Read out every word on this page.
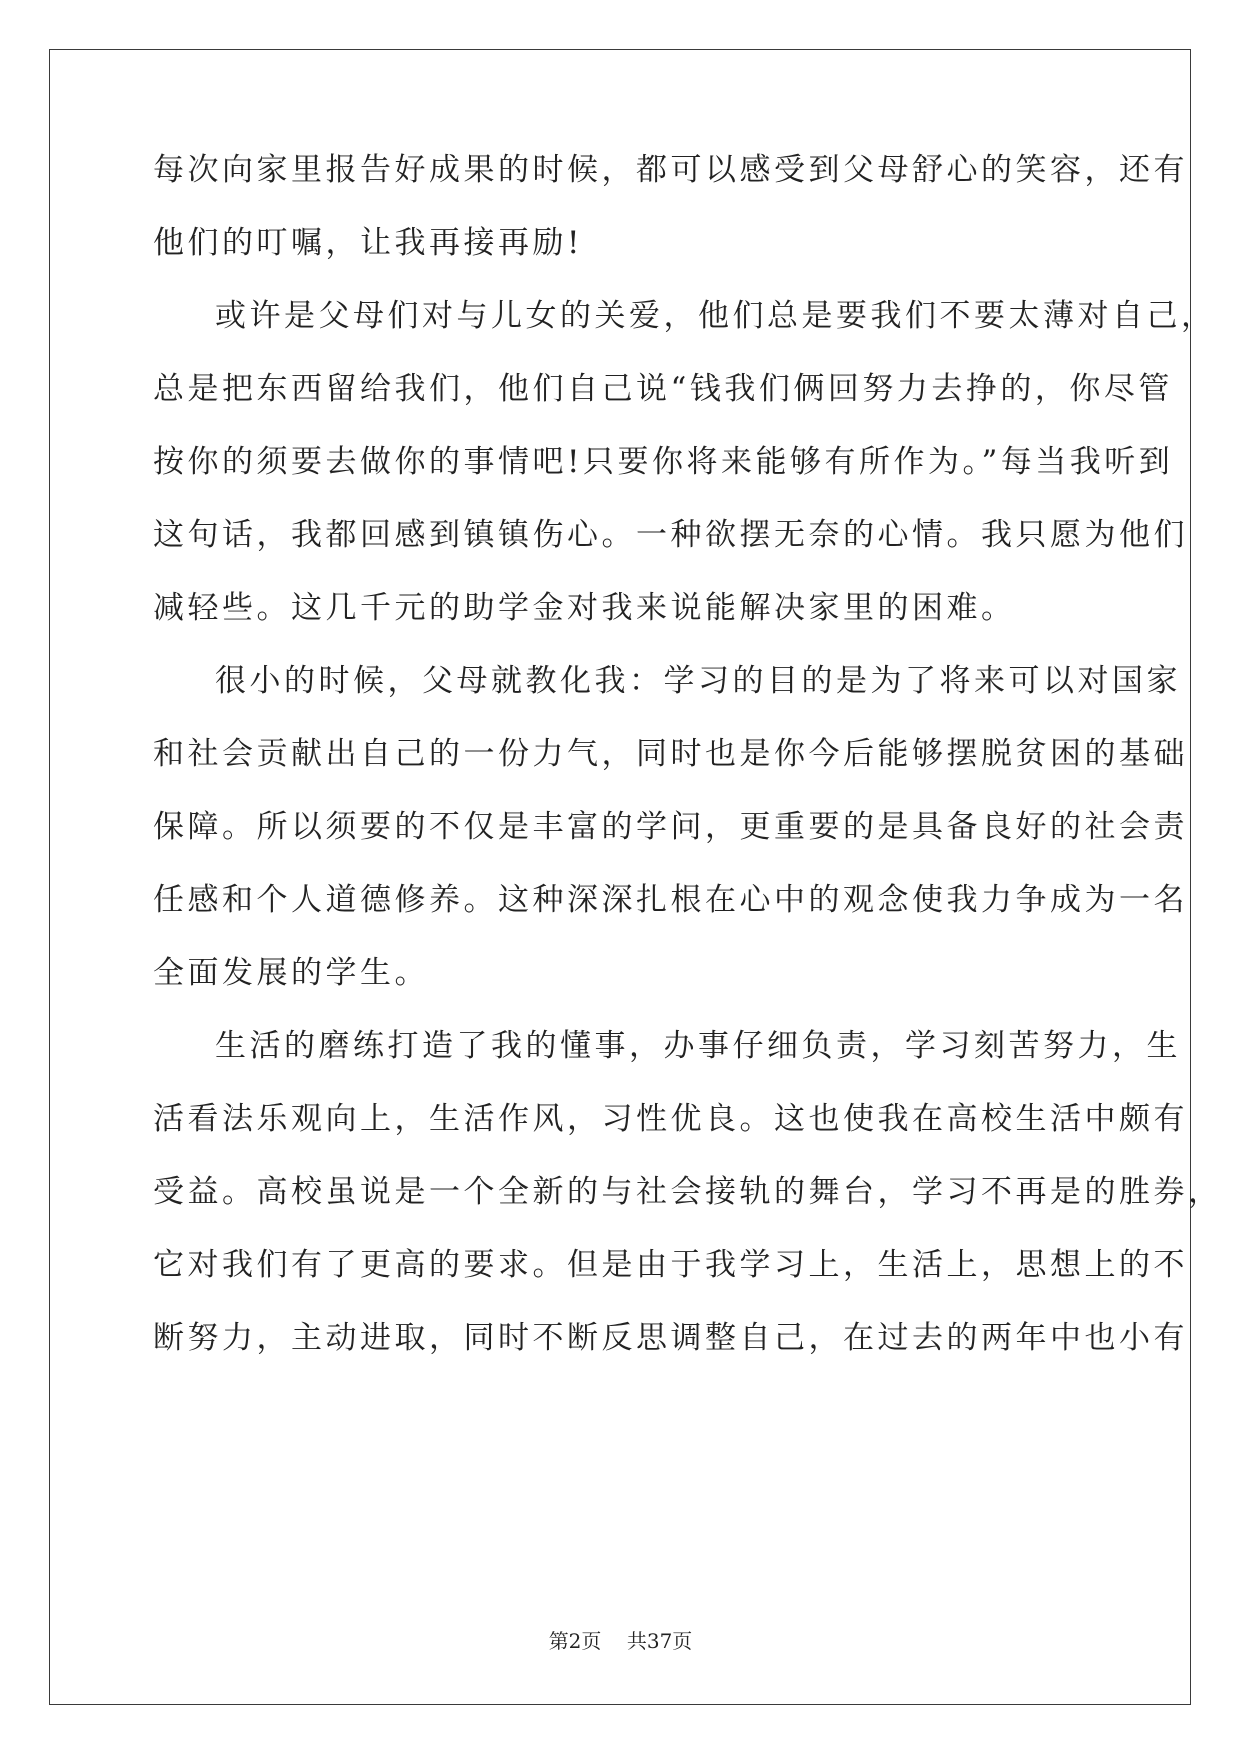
每次向家里报告好成果的时候，都可以感受到父母舒心的笑容，还有
他们的叮嘱，让我再接再励!
或许是父母们对与儿女的关爱，他们总是要我们不要太薄对自己，
总是把东西留给我们，他们自己说“钱我们俩回努力去挣的，你尽管
按你的须要去做你的事情吧!只要你将来能够有所作为。”每当我听到
这句话，我都回感到镇镇伤心。一种欲摆无奈的心情。我只愿为他们
减轻些。这几千元的助学金对我来说能解决家里的困难。
很小的时候，父母就教化我：学习的目的是为了将来可以对国家
和社会贡献出自己的一份力气，同时也是你今后能够摆脱贫困的基础
保障。所以须要的不仅是丰富的学问，更重要的是具备良好的社会责
任感和个人道德修养。这种深深扎根在心中的观念使我力争成为一名
全面发展的学生。
生活的磨练打造了我的懂事，办事仔细负责，学习刻苦努力，生
活看法乐观向上，生活作风，习性优良。这也使我在高校生活中颇有
受益。高校虽说是一个全新的与社会接轨的舞台，学习不再是的胜券，
它对我们有了更高的要求。但是由于我学习上，生活上，思想上的不
断努力，主动进取，同时不断反思调整自己，在过去的两年中也小有
第2页    共37页
